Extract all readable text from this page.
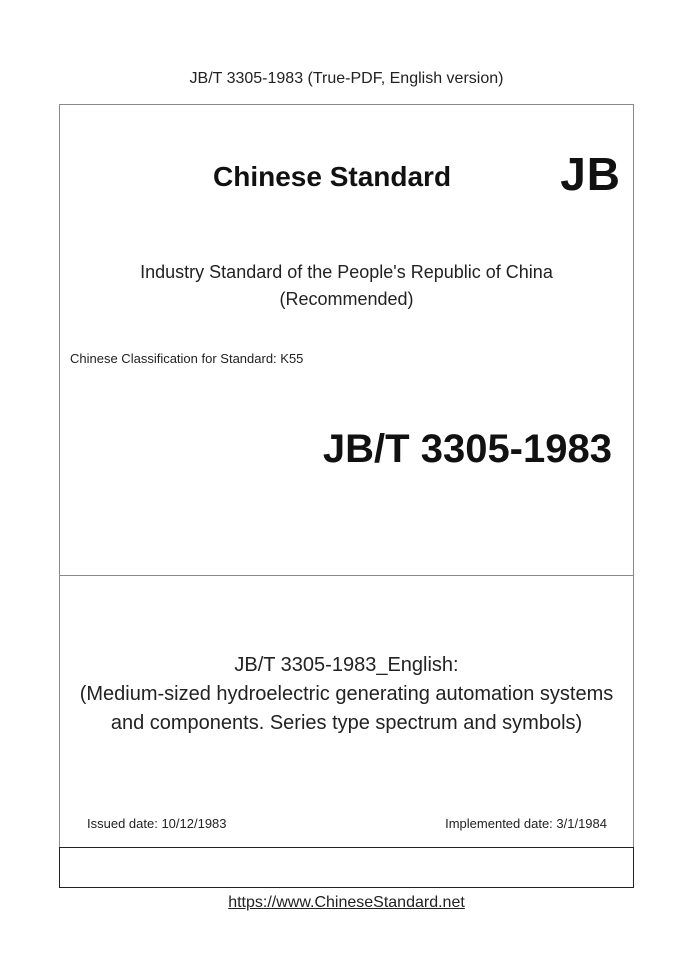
JB/T 3305-1983 (True-PDF, English version)
Chinese Standard JB
Industry Standard of the People's Republic of China
(Recommended)
Chinese Classification for Standard: K55
JB/T 3305-1983
JB/T 3305-1983_English:
(Medium-sized hydroelectric generating automation systems
and components. Series type spectrum and symbols)
Issued date: 10/12/1983	Implemented date: 3/1/1984
https://www.ChineseStandard.net
